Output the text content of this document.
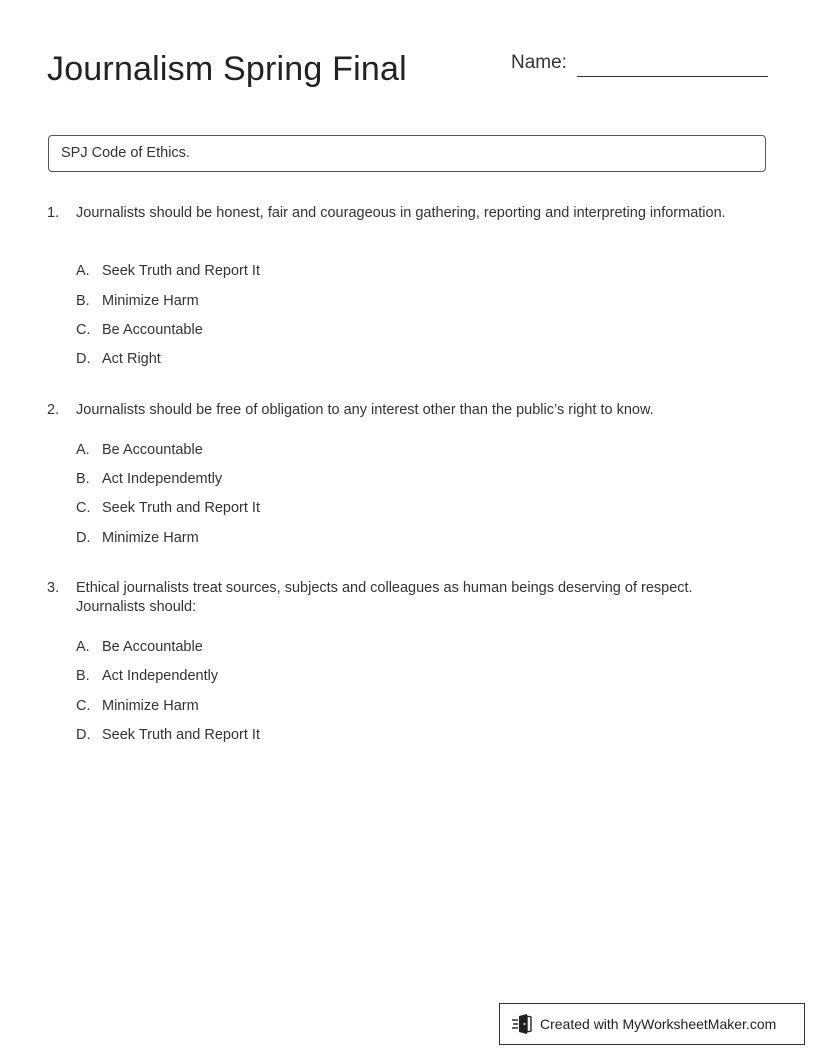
Journalism Spring Final	Name:
SPJ Code of Ethics.
1. Journalists should be honest, fair and courageous in gathering, reporting and interpreting information.
A. Seek Truth and Report It
B. Minimize Harm
C. Be Accountable
D. Act Right
2. Journalists should be free of obligation to any interest other than the public’s right to know.
A. Be Accountable
B. Act Independemtly
C. Seek Truth and Report It
D. Minimize Harm
3. Ethical journalists treat sources, subjects and colleagues as human beings deserving of respect. Journalists should:
A. Be Accountable
B. Act Independently
C. Minimize Harm
D. Seek Truth and Report It
Created with MyWorksheetMaker.com
